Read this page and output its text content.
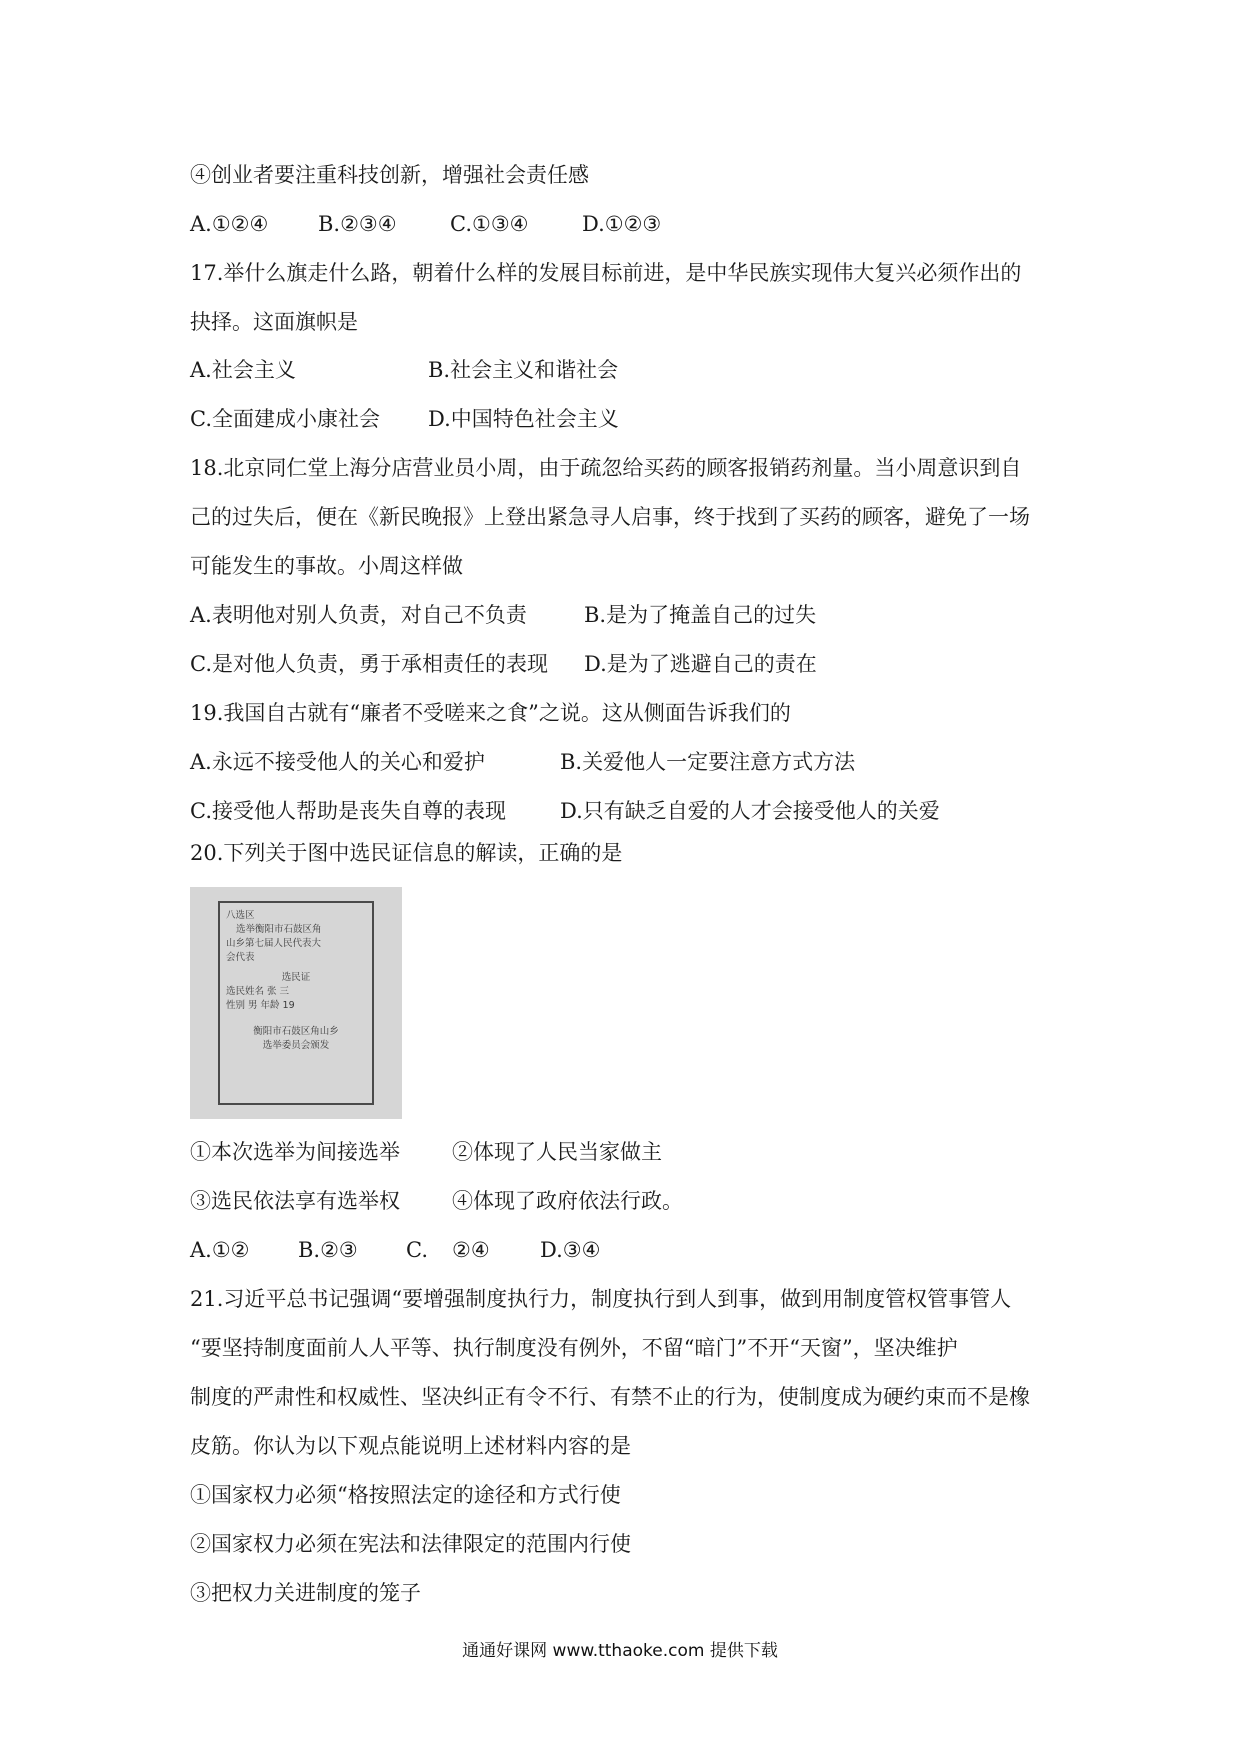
④创业者要注重科技创新，增强社会责任感
A.①②④ B.②③④	C.①③④	D.①②③
17.举什么旗走什么路，朝着什么样的发展目标前进，是中华民族实现伟大复兴必须作出的
抉择。这面旗帜是
A.社会主义	B.社会主义和谐社会
C.全面建成小康社会 D.中国特色社会主义
18.北京同仁堂上海分店营业员小周，由于疏忽给买药的顾客报销药剂量。当小周意识到自
己的过失后，便在《新民晚报》上登出紧急寻人启事，终于找到了买药的顾客，避免了一场
可能发生的事故。小周这样做
A.表明他对别人负责，对自己不负责	B.是为了掩盖自己的过失
C.是对他人负责，勇于承相责任的表现 D.是为了逃避自己的责在
19.我国自古就有“廉者不受嗟来之食”之说。这从侧面告诉我们的
A.永远不接受他人的关心和爱护	B.关爱他人一定要注意方式方法
C.接受他人帮助是丧失自尊的表现	D.只有缺乏自爱的人才会接受他人的关爱
20.下列关于图中选民证信息的解读，正确的是
八选区
选举衡阳市石鼓区角
山乡第七届人民代表大
会代表
选民证
选民姓名 张 三
性别 男 年龄 19
衡阳市石鼓区角山乡
选举委员会颁发
①本次选举为间接选举 ②体现了人民当家做主
③选民依法享有选举权 ④体现了政府依法行政。
A.①② B.②③ C. ②④ D.③④
21.习近平总书记强调“要增强制度执行力，制度执行到人到事，做到用制度管权管事管人
“要坚持制度面前人人平等、执行制度没有例外，不留“暗门”不开“天窗”，坚决维护
制度的严肃性和权威性、坚决纠正有令不行、有禁不止的行为，使制度成为硬约束而不是橡
皮筋。你认为以下观点能说明上述材料内容的是
①国家权力必须“格按照法定的途径和方式行使
②国家权力必须在宪法和法律限定的范围内行使
③把权力关进制度的笼子
通通好课网 www.tthaoke.com 提供下载
